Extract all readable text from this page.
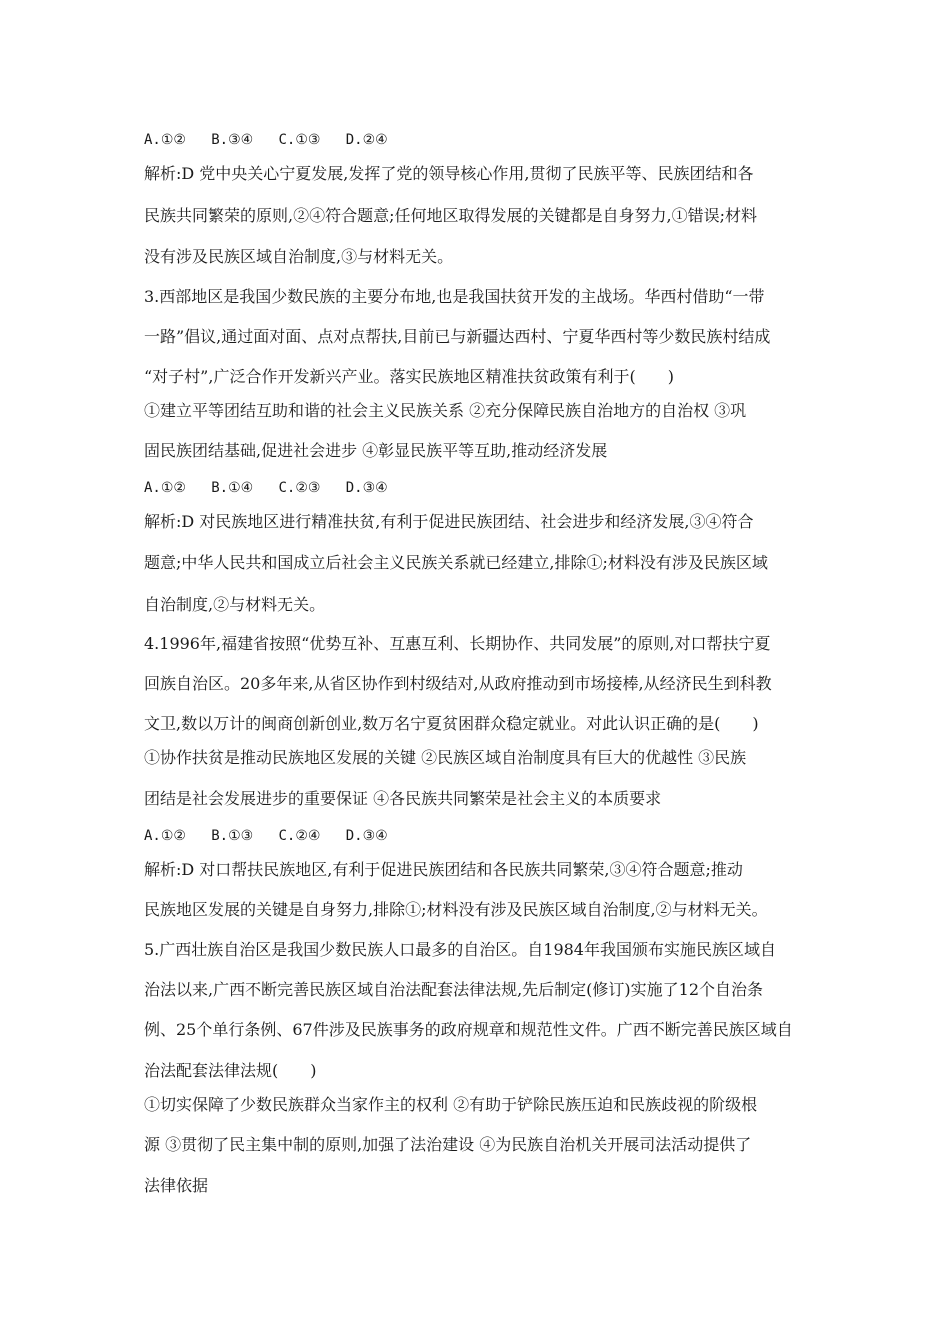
A.①②   B.③④   C.①③   D.②④
解析:D 党中央关心宁夏发展,发挥了党的领导核心作用,贯彻了民族平等、民族团结和各
民族共同繁荣的原则,②④符合题意;任何地区取得发展的关键都是自身努力,①错误;材料
没有涉及民族区域自治制度,③与材料无关。
3.西部地区是我国少数民族的主要分布地,也是我国扶贫开发的主战场。华西村借助“一带
一路”倡议,通过面对面、点对点帮扶,目前已与新疆达西村、宁夏华西村等少数民族村结成
“对子村”,广泛合作开发新兴产业。落实民族地区精准扶贫政策有利于(　　)
①建立平等团结互助和谐的社会主义民族关系 ②充分保障民族自治地方的自治权 ③巩
固民族团结基础,促进社会进步 ④彰显民族平等互助,推动经济发展
A.①②   B.①④   C.②③   D.③④
解析:D 对民族地区进行精准扶贫,有利于促进民族团结、社会进步和经济发展,③④符合
题意;中华人民共和国成立后社会主义民族关系就已经建立,排除①;材料没有涉及民族区域
自治制度,②与材料无关。
4.1996年,福建省按照“优势互补、互惠互利、长期协作、共同发展”的原则,对口帮扶宁夏
回族自治区。20多年来,从省区协作到村级结对,从政府推动到市场接棒,从经济民生到科教
文卫,数以万计的闽商创新创业,数万名宁夏贫困群众稳定就业。对此认识正确的是(　　)
①协作扶贫是推动民族地区发展的关键 ②民族区域自治制度具有巨大的优越性 ③民族
团结是社会发展进步的重要保证 ④各民族共同繁荣是社会主义的本质要求
A.①②   B.①③   C.②④   D.③④
解析:D 对口帮扶民族地区,有利于促进民族团结和各民族共同繁荣,③④符合题意;推动
民族地区发展的关键是自身努力,排除①;材料没有涉及民族区域自治制度,②与材料无关。
5.广西壮族自治区是我国少数民族人口最多的自治区。自1984年我国颁布实施民族区域自
治法以来,广西不断完善民族区域自治法配套法律法规,先后制定(修订)实施了12个自治条
例、25个单行条例、67件涉及民族事务的政府规章和规范性文件。广西不断完善民族区域自
治法配套法律法规(　　)
①切实保障了少数民族群众当家作主的权利 ②有助于铲除民族压迫和民族歧视的阶级根
源 ③贯彻了民主集中制的原则,加强了法治建设 ④为民族自治机关开展司法活动提供了
法律依据
